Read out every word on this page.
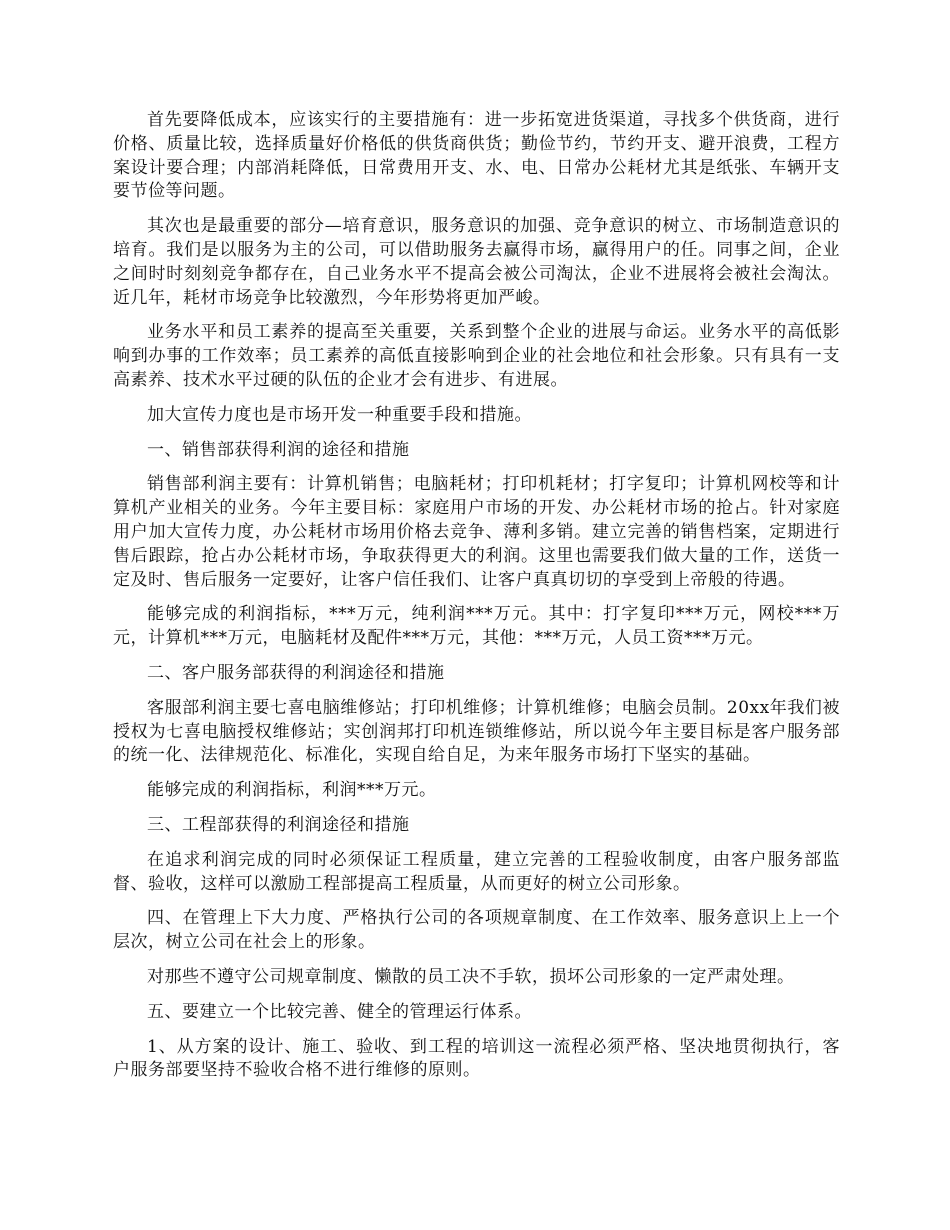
首先要降低成本，应该实行的主要措施有：进一步拓宽进货渠道，寻找多个供货商，进行价格、质量比较，选择质量好价格低的供货商供货；勤俭节约，节约开支、避开浪费，工程方案设计要合理；内部消耗降低，日常费用开支、水、电、日常办公耗材尤其是纸张、车辆开支要节俭等问题。

其次也是最重要的部分—培育意识，服务意识的加强、竞争意识的树立、市场制造意识的培育。我们是以服务为主的公司，可以借助服务去赢得市场，赢得用户的任。同事之间，企业之间时时刻刻竞争都存在，自己业务水平不提高会被公司淘汰，企业不进展将会被社会淘汰。近几年，耗材市场竞争比较激烈，今年形势将更加严峻。

业务水平和员工素养的提高至关重要，关系到整个企业的进展与命运。业务水平的高低影响到办事的工作效率；员工素养的高低直接影响到企业的社会地位和社会形象。只有具有一支高素养、技术水平过硬的队伍的企业才会有进步、有进展。

加大宣传力度也是市场开发一种重要手段和措施。

一、销售部获得利润的途径和措施

销售部利润主要有：计算机销售；电脑耗材；打印机耗材；打字复印；计算机网校等和计算机产业相关的业务。今年主要目标：家庭用户市场的开发、办公耗材市场的抢占。针对家庭用户加大宣传力度，办公耗材市场用价格去竞争、薄利多销。建立完善的销售档案，定期进行售后跟踪，抢占办公耗材市场，争取获得更大的利润。这里也需要我们做大量的工作，送货一定及时、售后服务一定要好，让客户信任我们、让客户真真切切的享受到上帝般的待遇。

能够完成的利润指标，***万元，纯利润***万元。其中：打字复印***万元，网校***万元，计算机***万元，电脑耗材及配件***万元，其他：***万元，人员工资***万元。

二、客户服务部获得的利润途径和措施

客服部利润主要七喜电脑维修站；打印机维修；计算机维修；电脑会员制。20xx年我们被授权为七喜电脑授权维修站；实创润邦打印机连锁维修站，所以说今年主要目标是客户服务部的统一化、法律规范化、标准化，实现自给自足，为来年服务市场打下坚实的基础。

能够完成的利润指标，利润***万元。

三、工程部获得的利润途径和措施

在追求利润完成的同时必须保证工程质量，建立完善的工程验收制度，由客户服务部监督、验收，这样可以激励工程部提高工程质量，从而更好的树立公司形象。

四、在管理上下大力度、严格执行公司的各项规章制度、在工作效率、服务意识上上一个层次，树立公司在社会上的形象。

对那些不遵守公司规章制度、懒散的员工决不手软，损坏公司形象的一定严肃处理。

五、要建立一个比较完善、健全的管理运行体系。

1、从方案的设计、施工、验收、到工程的培训这一流程必须严格、坚决地贯彻执行，客户服务部要坚持不验收合格不进行维修的原则。
